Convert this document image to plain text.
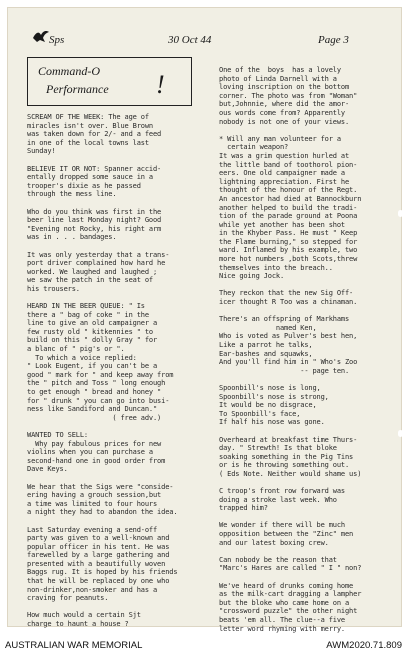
Sps	30 Oct 44	Page 3
Command-O
Performance !
SCREAM OF THE WEEK: The age of
miracles isn't over. Blue Brown
was taken down for 2/- and a feed
in one of the local towns last
Sunday!

BELIEVE IT OR NOT: Spanner accid-
entally dropped some sauce in a
trooper's dixie as he passed
through the mess line.

Who do you think was first in the
beer line last Monday night? Good
"Evening not Rocky, his right arm
was in . . . bandages.

It was only yesterday that a trans-
port driver complained how hard he
worked. We laughed and laughed ;
we saw the patch in the seat of
his trousers.

HEARD IN THE BEER QUEUE: " Is
there a " bag of coke " in the
line to give an old campaigner a
few rusty old " kitkennies " to
build on this " dolly Gray " for
a blanc of " pig's or ".
To which a voice replied:
" Look Eugent, if you can't be a
good " mark for " and keep away from
the " pitch and Toss " long enough
to get enough " bread and honey "
for " drunk " you can go into busi-
ness like Sandiford and Duncan."
( free adv.)

WANTED TO SELL:
Why pay fabulous prices for new
violins when you can purchase a
second-hand one in good order from
Dave Keys.

We hear that the Sigs were "conside-
ering having a grouch session,but
a time was limited to four hours
a night they had to abandon the idea.

Last Saturday evening a send-off
party was given to a well-known and
popular officer in his tent. He was
farewelled by a large gathering and
presented with a beautifully woven
Baggs rug. It is hoped by his friends
that he will be replaced by one who
non-drinker,non-smoker and has a
craving for peanuts.

How much would a certain Sjt
charge to haunt a house ?
One of the  boys  has a lovely
photo of Linda Darnell with a
loving inscription on the bottom
corner. The photo was from "Woman"
but,Johnnie, where did the amor-
ous words come from? Apparently
nobody is not one of your views.

* Will any man volunteer for a
certain weapon?
It was a grim question hurled at
the little band of toothorol pion-
eers. One old campaigner made a
lightning appreciation. First he
thought of the honour of the Regt.
An ancestor had died at Bannockburn
another helped to build the tradi-
tion of the parade ground at Poona
while yet another has been shot
in the Khyber Pass. He must " Keep
the Flame burning," so stepped for
ward. Inflamed by his example, two
more hot numbers ,both Scots,threw
themselves into the breach..
Nice going Jock.

They reckon that the new Sig Off-
icer thought R Too was a chinaman.

There's an offspring of Markhams
named Ken,
Who is voted as Pulver's best hen,
Like a parrot he talks,
Ear-bashes and squawks,
And you'll find him in " Who's Zoo
-- page ten.

Spoonbill's nose is long,
Spoonbill's nose is strong,
It would be no disgrace,
To Spoonbill's face,
If half his nose was gone.

Overheard at breakfast time Thurs-
day. " Strewth! Is that bloke
soaking something in the Pig Tins
or is he throwing something out.
( Eds Note. Neither would shame us)

C troop's front row forward was
doing a stroke last week. Who
trapped him?

We wonder if there will be much
opposition between the "Zinc" men
and our latest boxing crew.

Can nobody be the reason that
"Marc's Hares are called " I " non?

We've heard of drunks coming home
as the milk-cart dragging a lampher
but the bloke who came home on a
"crossword puzzle" the other night
beats 'em all. The clue--a five
letter word rhyming with merry.
AUSTRALIAN WAR MEMORIAL	AWM2020.71.809
